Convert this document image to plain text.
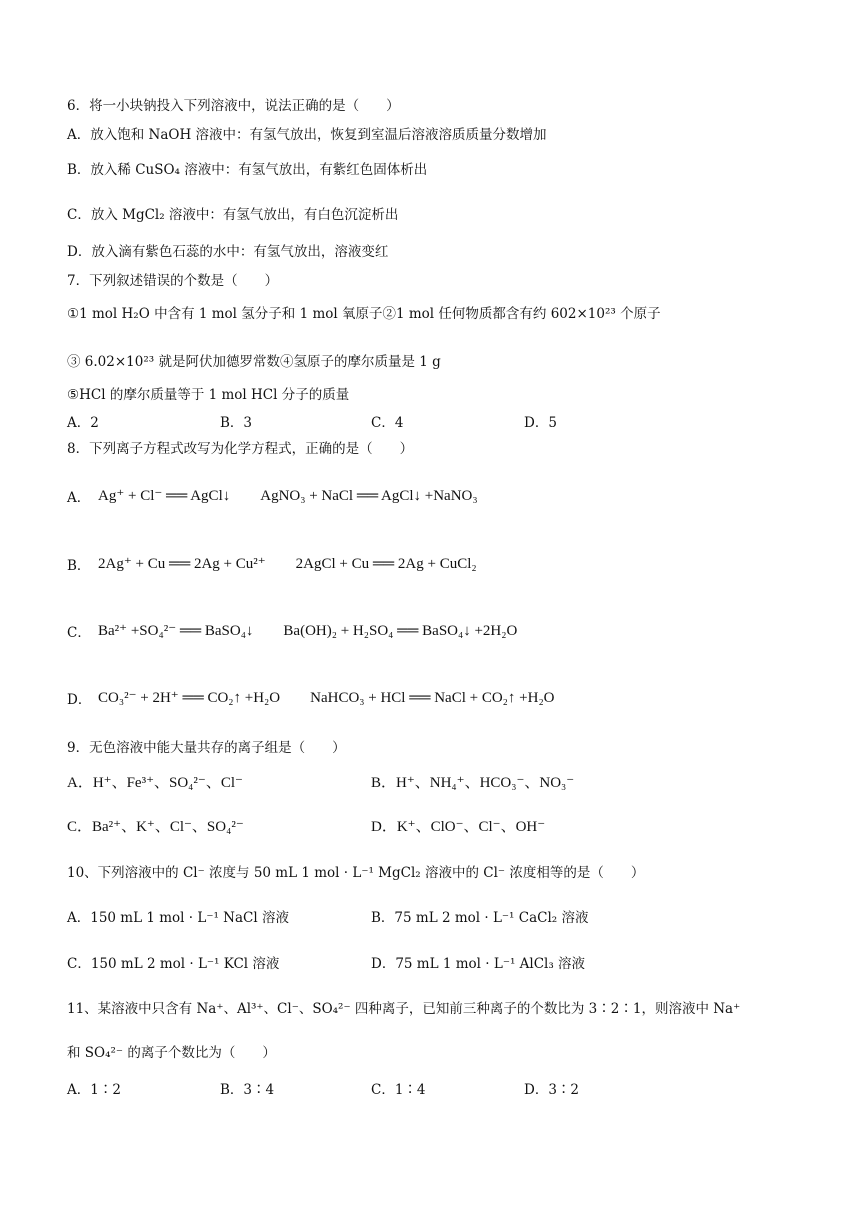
6．将一小块钠投入下列溶液中，说法正确的是（　　）
A．放入饱和 NaOH 溶液中：有氢气放出，恢复到室温后溶液溶质质量分数增加
B．放入稀 CuSO₄ 溶液中：有氢气放出，有紫红色固体析出
C．放入 MgCl₂ 溶液中：有氢气放出，有白色沉淀析出
D．放入滴有紫色石蕊的水中：有氢气放出，溶液变红
7．下列叙述错误的个数是（　　）
①1 mol H₂O 中含有 1 mol 氢分子和 1 mol 氧原子②1 mol 任何物质都含有约 602×10²³ 个原子
③ 6.02×10²³ 就是阿伏加德罗常数④氢原子的摩尔质量是 1 g
⑤HCl 的摩尔质量等于 1 mol HCl 分子的质量
A．2	B．3	C．4	D．5
8．下列离子方程式改写为化学方程式，正确的是（　　）
A． Ag⁺ + Cl⁻ ══ AgCl↓　　AgNO₃ + NaCl ══ AgCl↓ +NaNO₃
B． 2Ag⁺ + Cu ══ 2Ag + Cu²⁺　　2AgCl + Cu ══ 2Ag + CuCl₂
C． Ba²⁺ +SO₄²⁻ ══ BaSO₄↓　　Ba(OH)₂ + H₂SO₄ ══ BaSO₄↓ +2H₂O
D． CO₃²⁻ + 2H⁺ ══ CO₂↑ +H₂O　　NaHCO₃ + HCl ══ NaCl + CO₂↑ +H₂O
9．无色溶液中能大量共存的离子组是（　　）
A．H⁺、Fe³⁺、SO₄²⁻、Cl⁻	B．H⁺、NH₄⁺、HCO₃⁻、NO₃⁻
C．Ba²⁺、K⁺、Cl⁻、SO₄²⁻	D．K⁺、ClO⁻、Cl⁻、OH⁻
10、下列溶液中的 Cl⁻ 浓度与 50 mL 1 mol · L⁻¹ MgCl₂ 溶液中的 Cl⁻ 浓度相等的是（　　）
A．150 mL 1 mol · L⁻¹ NaCl 溶液	B．75 mL 2 mol · L⁻¹ CaCl₂ 溶液
C．150 mL 2 mol · L⁻¹ KCl 溶液	D．75 mL 1 mol · L⁻¹ AlCl₃ 溶液
11、某溶液中只含有 Na⁺、Al³⁺、Cl⁻、SO₄²⁻ 四种离子，已知前三种离子的个数比为 3∶2∶1，则溶液中 Na⁺
和 SO₄²⁻ 的离子个数比为（　　）
A．1∶2	B．3∶4	C．1∶4	D．3∶2
